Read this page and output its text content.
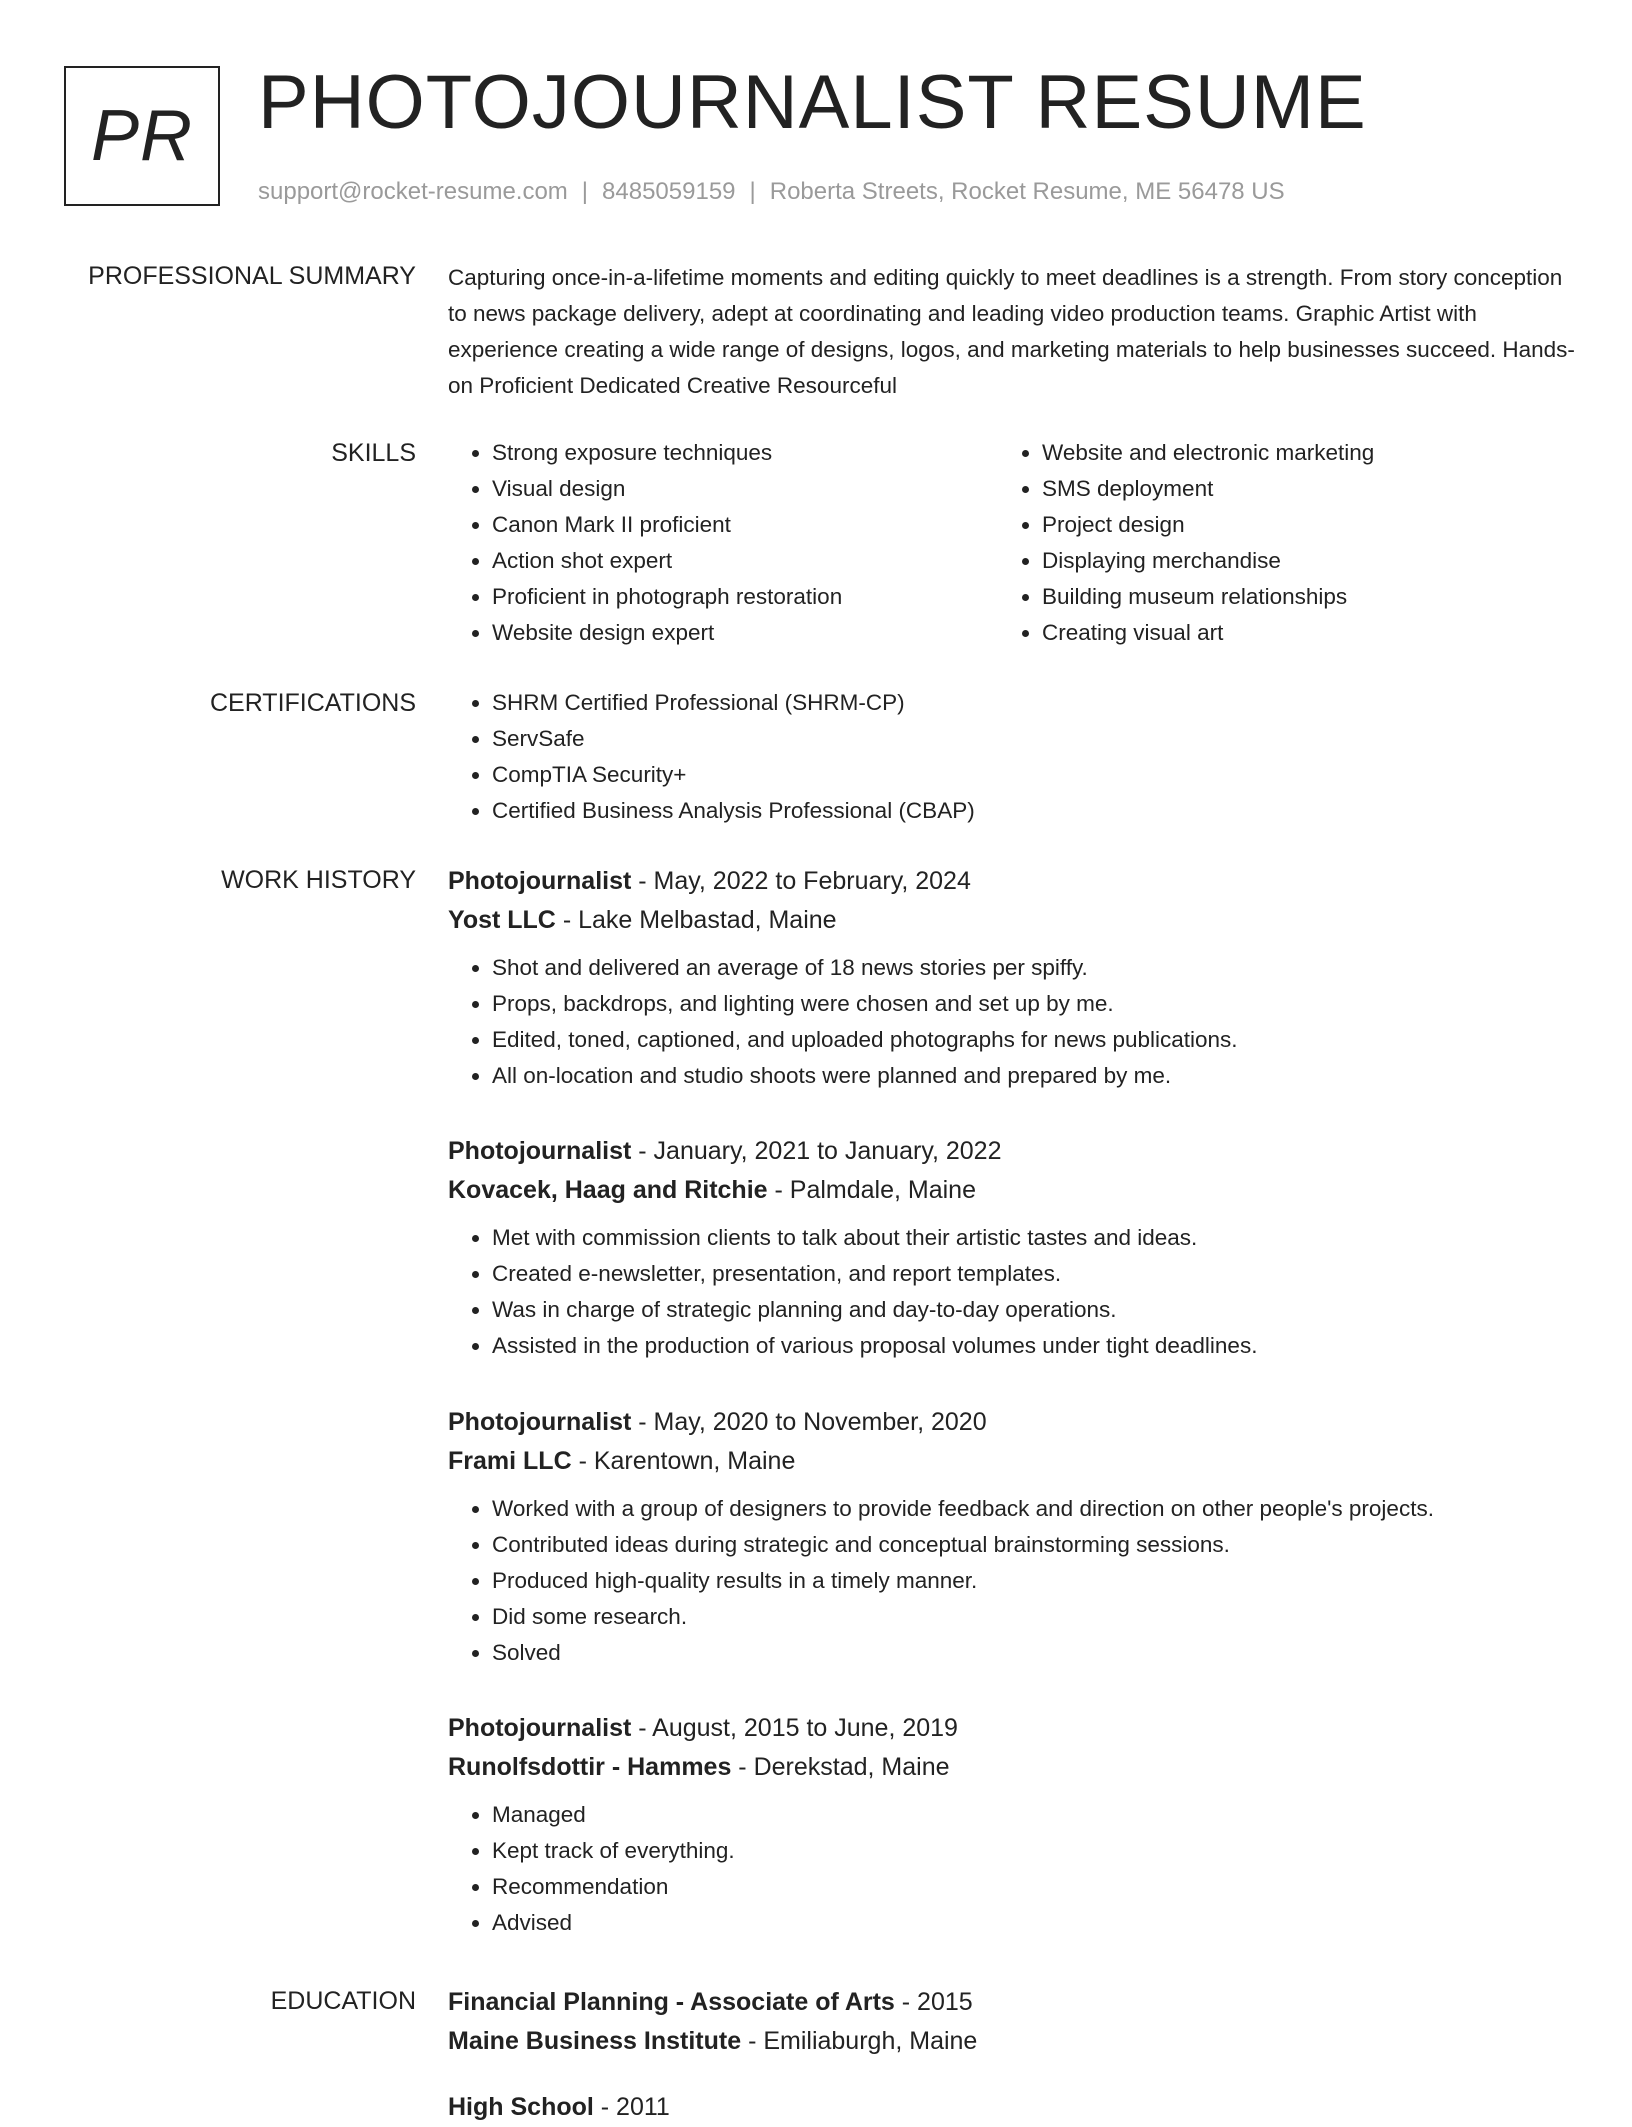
PR PHOTOJOURNALIST RESUME
support@rocket-resume.com | 8485059159 | Roberta Streets, Rocket Resume, ME 56478 US
PROFESSIONAL SUMMARY Capturing once-in-a-lifetime moments and editing quickly to meet deadlines is a strength. From story conception to news package delivery, adept at coordinating and leading video production teams. Graphic Artist with experience creating a wide range of designs, logos, and marketing materials to help businesses succeed. Hands-on Proficient Dedicated Creative Resourceful
SKILLS	• Strong exposure techniques
• Visual design
• Canon Mark II proficient
• Action shot expert
• Proficient in photograph restoration
• Website design expert
• Website and electronic marketing
• SMS deployment
• Project design
• Displaying merchandise
• Building museum relationships
• Creating visual art
CERTIFICATIONS	• SHRM Certified Professional (SHRM-CP)
• ServSafe
• CompTIA Security+
• Certified Business Analysis Professional (CBAP)
WORK HISTORY Photojournalist - May, 2022 to February, 2024
Yost LLC - Lake Melbastad, Maine
• Shot and delivered an average of 18 news stories per spiffy.
• Props, backdrops, and lighting were chosen and set up by me.
• Edited, toned, captioned, and uploaded photographs for news publications.
• All on-location and studio shoots were planned and prepared by me.
Photojournalist - January, 2021 to January, 2022
Kovacek, Haag and Ritchie - Palmdale, Maine
• Met with commission clients to talk about their artistic tastes and ideas.
• Created e-newsletter, presentation, and report templates.
• Was in charge of strategic planning and day-to-day operations.
• Assisted in the production of various proposal volumes under tight deadlines.
Photojournalist - May, 2020 to November, 2020
Frami LLC - Karentown, Maine
• Worked with a group of designers to provide feedback and direction on other people's projects.
• Contributed ideas during strategic and conceptual brainstorming sessions.
• Produced high-quality results in a timely manner.
• Did some research.
• Solved
Photojournalist - August, 2015 to June, 2019
Runolfsdottir - Hammes - Derekstad, Maine
• Managed
• Kept track of everything.
• Recommendation
• Advised
EDUCATION Financial Planning - Associate of Arts - 2015
Maine Business Institute - Emiliaburgh, Maine
High School - 2011
